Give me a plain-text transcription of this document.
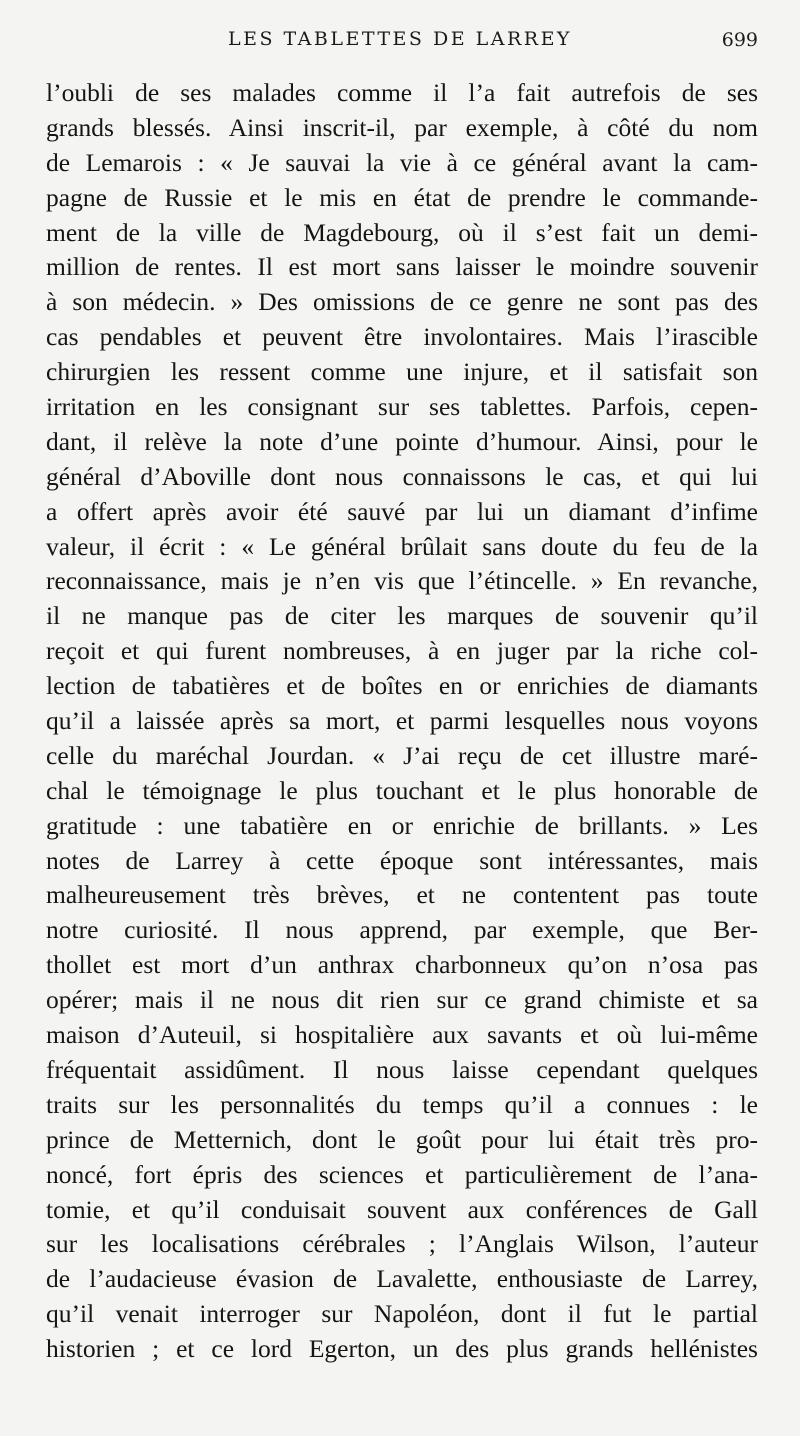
LES TABLETTES DE LARREY	699
l’oubli de ses malades comme il l’a fait autrefois de ses
grands blessés. Ainsi inscrit-il, par exemple, à côté du nom
de Lemarois : « Je sauvai la vie à ce général avant la cam-
pagne de Russie et le mis en état de prendre le commande-
ment de la ville de Magdebourg, où il s’est fait un demi-
million de rentes. Il est mort sans laisser le moindre souvenir
à son médecin. » Des omissions de ce genre ne sont pas des
cas pendables et peuvent être involontaires. Mais l’irascible
chirurgien les ressent comme une injure, et il satisfait son
irritation en les consignant sur ses tablettes. Parfois, cepen-
dant, il relève la note d’une pointe d’humour. Ainsi, pour le
général d’Aboville dont nous connaissons le cas, et qui lui
a offert après avoir été sauvé par lui un diamant d’infime
valeur, il écrit : « Le général brûlait sans doute du feu de la
reconnaissance, mais je n’en vis que l’étincelle. » En revanche,
il ne manque pas de citer les marques de souvenir qu’il
reçoit et qui furent nombreuses, à en juger par la riche col-
lection de tabatières et de boîtes en or enrichies de diamants
qu’il a laissée après sa mort, et parmi lesquelles nous voyons
celle du maréchal Jourdan. « J’ai reçu de cet illustre maré-
chal le témoignage le plus touchant et le plus honorable de
gratitude : une tabatière en or enrichie de brillants. » Les
notes de Larrey à cette époque sont intéressantes, mais
malheureusement très brèves, et ne contentent pas toute
notre curiosité. Il nous apprend, par exemple, que Ber-
thollet est mort d’un anthrax charbonneux qu’on n’osa pas
opérer; mais il ne nous dit rien sur ce grand chimiste et sa
maison d’Auteuil, si hospitalière aux savants et où lui-même
fréquentait assidûment. Il nous laisse cependant quelques
traits sur les personnalités du temps qu’il a connues : le
prince de Metternich, dont le goût pour lui était très pro-
noncé, fort épris des sciences et particulièrement de l’ana-
tomie, et qu’il conduisait souvent aux conférences de Gall
sur les localisations cérébrales ; l’Anglais Wilson, l’auteur
de l’audacieuse évasion de Lavalette, enthousiaste de Larrey,
qu’il venait interroger sur Napoléon, dont il fut le partial
historien ; et ce lord Egerton, un des plus grands hellénistes
